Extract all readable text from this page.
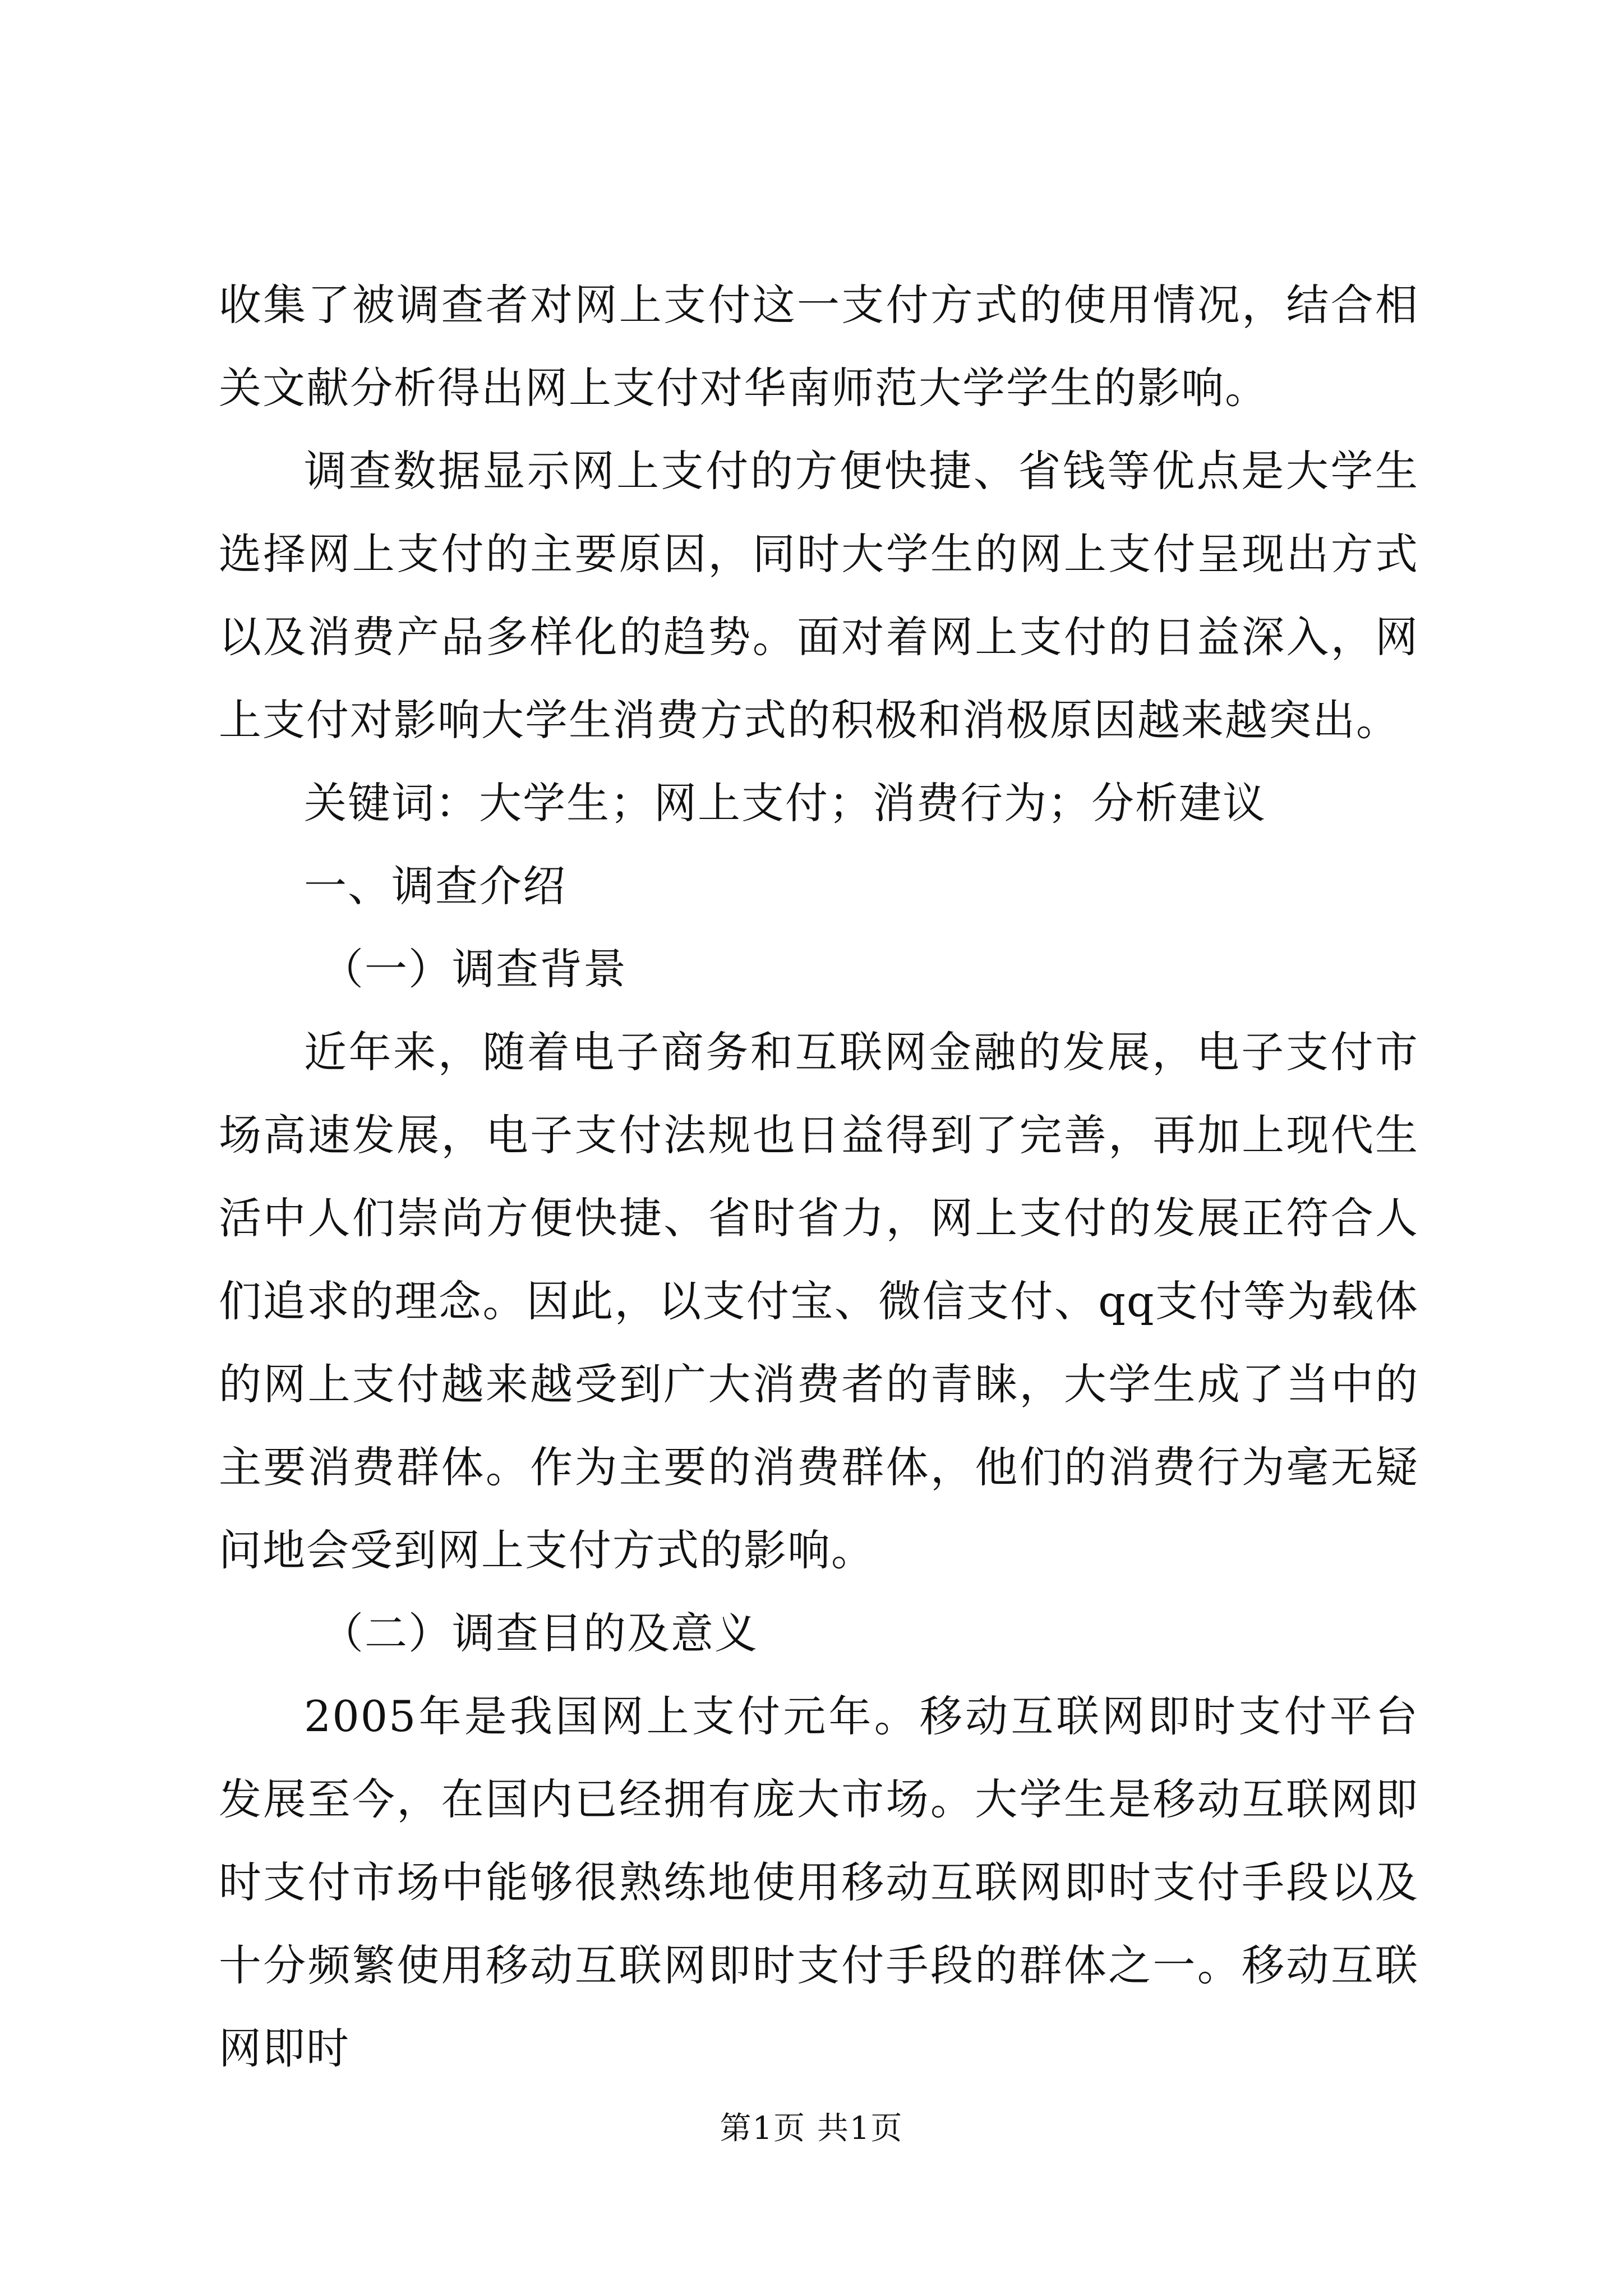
收集了被调查者对网上支付这一支付方式的使用情况，结合相关文献分析得出网上支付对华南师范大学学生的影响。

调查数据显示网上支付的方便快捷、省钱等优点是大学生选择网上支付的主要原因，同时大学生的网上支付呈现出方式以及消费产品多样化的趋势。面对着网上支付的日益深入，网上支付对影响大学生消费方式的积极和消极原因越来越突出。

关键词：大学生；网上支付；消费行为；分析建议

一、调查介绍

（一）调查背景

近年来，随着电子商务和互联网金融的发展，电子支付市场高速发展，电子支付法规也日益得到了完善，再加上现代生活中人们崇尚方便快捷、省时省力，网上支付的发展正符合人们追求的理念。因此，以支付宝、微信支付、qq支付等为载体的网上支付越来越受到广大消费者的青睐，大学生成了当中的主要消费群体。作为主要的消费群体，他们的消费行为毫无疑问地会受到网上支付方式的影响。

（二）调查目的及意义

2005年是我国网上支付元年。移动互联网即时支付平台发展至今，在国内已经拥有庞大市场。大学生是移动互联网即时支付市场中能够很熟练地使用移动互联网即时支付手段以及十分频繁使用移动互联网即时支付手段的群体之一。移动互联网即时

第1页 共1页
